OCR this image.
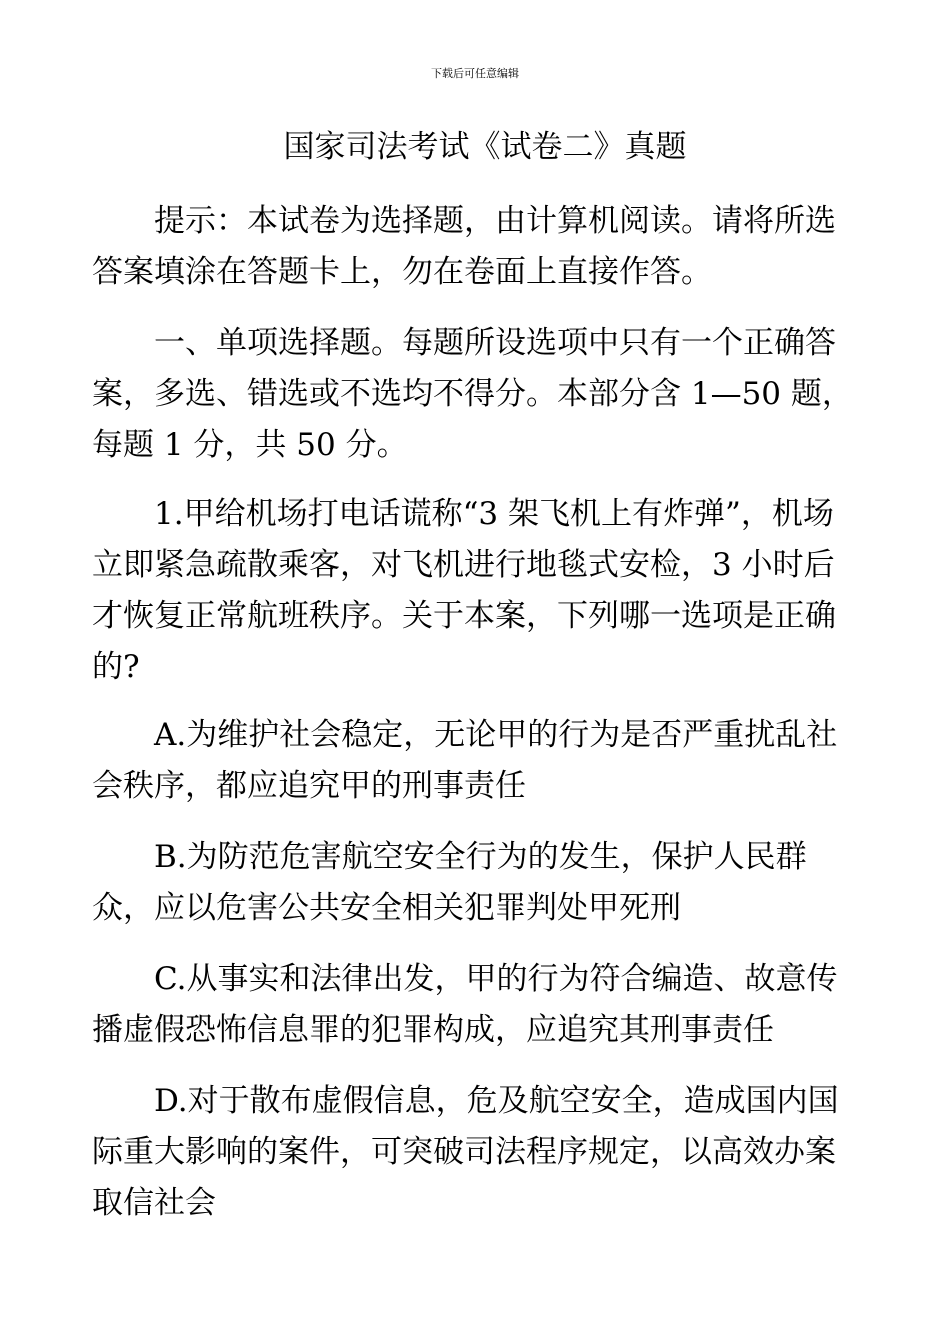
下载后可任意编辑
国家司法考试《试卷二》真题

提示：本试卷为选择题，由计算机阅读。请将所选答案填涂在答题卡上，勿在卷面上直接作答。

一、单项选择题。每题所设选项中只有一个正确答案，多选、错选或不选均不得分。本部分含 1—50 题，每题 1 分，共 50 分。

1.甲给机场打电话谎称“3 架飞机上有炸弹”，机场立即紧急疏散乘客，对飞机进行地毯式安检，3 小时后才恢复正常航班秩序。关于本案，下列哪一选项是正确的?

A.为维护社会稳定，无论甲的行为是否严重扰乱社会秩序，都应追究甲的刑事责任

B.为防范危害航空安全行为的发生，保护人民群众，应以危害公共安全相关犯罪判处甲死刑

C.从事实和法律出发，甲的行为符合编造、故意传播虚假恐怖信息罪的犯罪构成，应追究其刑事责任

D.对于散布虚假信息，危及航空安全，造成国内国际重大影响的案件，可突破司法程序规定，以高效办案取信社会
